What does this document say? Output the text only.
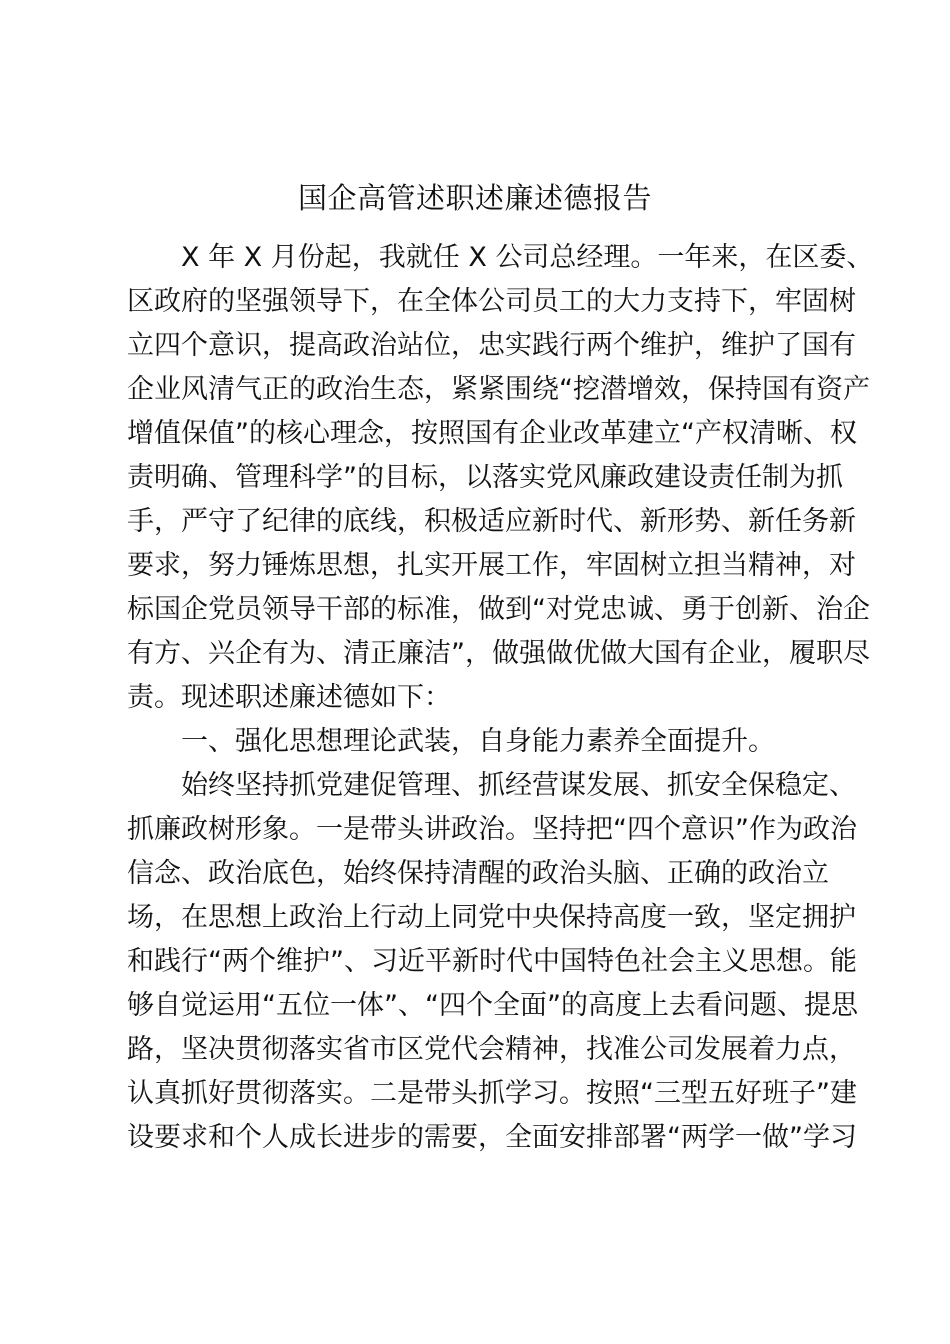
国企高管述职述廉述德报告

　　X 年 X 月份起，我就任 X 公司总经理。一年来，在区委、

区政府的坚强领导下，在全体公司员工的大力支持下，牢固树

立四个意识，提高政治站位，忠实践行两个维护，维护了国有

企业风清气正的政治生态，紧紧围绕“挖潜增效，保持国有资产

增值保值”的核心理念，按照国有企业改革建立“产权清晰、权

责明确、管理科学”的目标，以落实党风廉政建设责任制为抓

手，严守了纪律的底线，积极适应新时代、新形势、新任务新

要求，努力锤炼思想，扎实开展工作，牢固树立担当精神，对

标国企党员领导干部的标准，做到“对党忠诚、勇于创新、治企

有方、兴企有为、清正廉洁”，做强做优做大国有企业，履职尽

责。现述职述廉述德如下：

　　一、强化思想理论武装，自身能力素养全面提升。

　　始终坚持抓党建促管理、抓经营谋发展、抓安全保稳定、

抓廉政树形象。一是带头讲政治。坚持把“四个意识”作为政治

信念、政治底色，始终保持清醒的政治头脑、正确的政治立

场，在思想上政治上行动上同党中央保持高度一致，坚定拥护

和践行“两个维护”、习近平新时代中国特色社会主义思想。能

够自觉运用“五位一体”、“四个全面”的高度上去看问题、提思

路，坚决贯彻落实省市区党代会精神，找准公司发展着力点，

认真抓好贯彻落实。二是带头抓学习。按照“三型五好班子”建

设要求和个人成长进步的需要，全面安排部署“两学一做”学习
